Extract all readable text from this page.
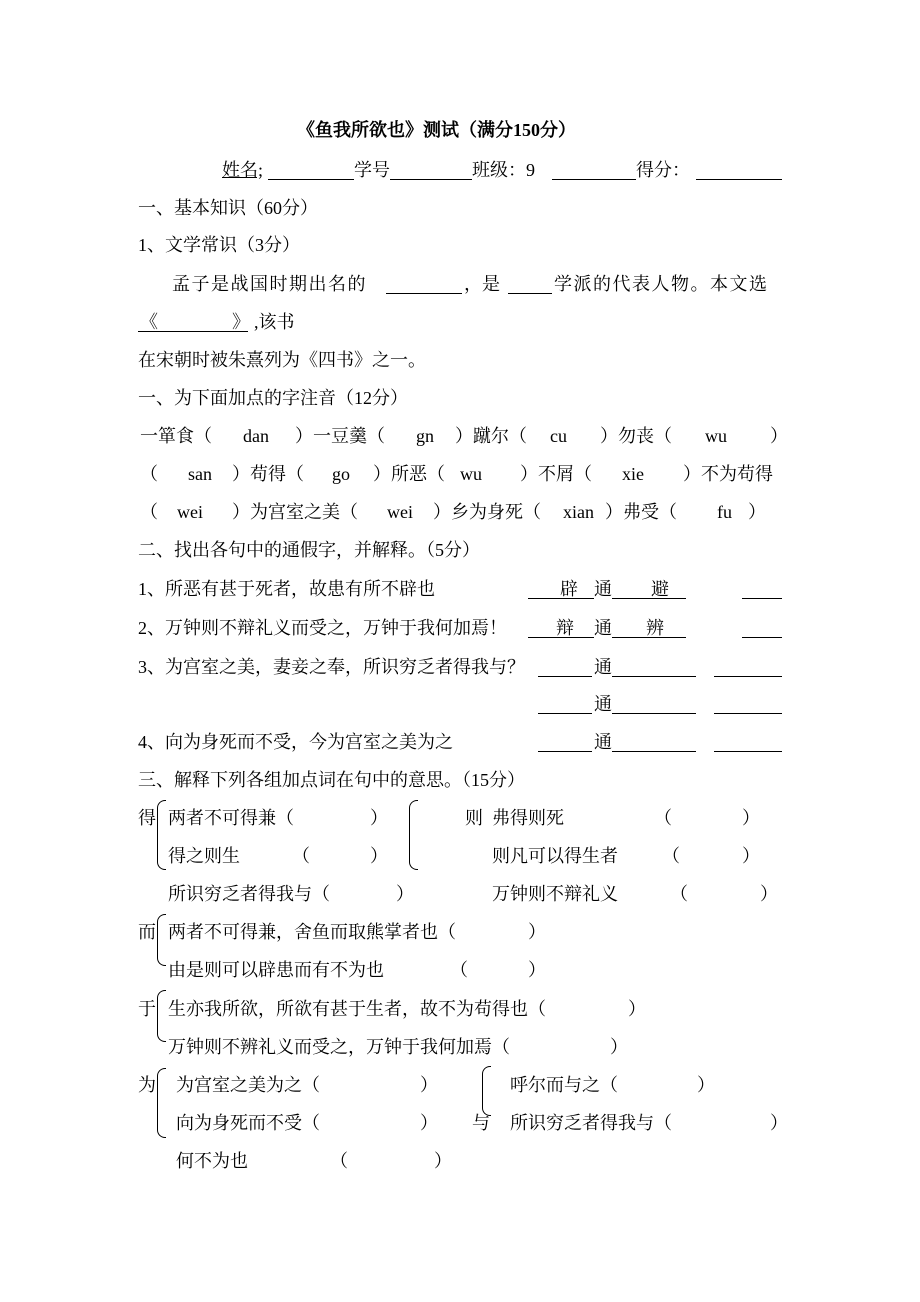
《鱼我所欲也》测试（满分150分）
姓名;	学号	班级：9	得分：
一、基本知识（60分）
1、文学常识（3分）
孟子是战国时期出名的	，是	学派的代表人物。本文选
《	》 ,该书
在宋朝时被朱熹列为《四书》之一。
一、为下面加点的字注音（12分）
一箪食（ dan ）一豆羹（ gn ）蹴尔（ cu ）勿丧（ wu ）
（ san ）苟得（ go ）所恶（ wu ）不屑（ xie ）不为苟得
（ wei ）为宫室之美（ wei ）乡为身死（ xian ）弗受（ fu ）
二、找出各句中的通假字，并解释。（5分）
1、所恶有甚于死者，故患有所不辟也	辟 通 避
2、万钟则不辩礼义而受之，万钟于我何加焉！	辩 通 辨
3、为宫室之美，妻妾之奉，所识穷乏者得我与？	通
通
4、向为身死而不受，今为宫室之美为之	通
三、解释下列各组加点词在句中的意思。（15分）
得 两者不可得兼（	）
得之则生	（	）
所识穷乏者得我与（	）
则 弗得则死	（	）
则凡可以得生者 （	）
万钟则不辩礼义	（	）
而 两者不可得兼，舍鱼而取熊掌者也（	）
由是则可以辟患而有不为也	（	）
于 生亦我所欲，所欲有甚于生者，故不为苟得也（	）
万钟则不辨礼义而受之，万钟于我何加焉（	）
为 为宫室之美为之（	）
向为身死而不受（	）
何不为也	（	）
与
呼尔而与之（	）
所识穷乏者得我与（	）
